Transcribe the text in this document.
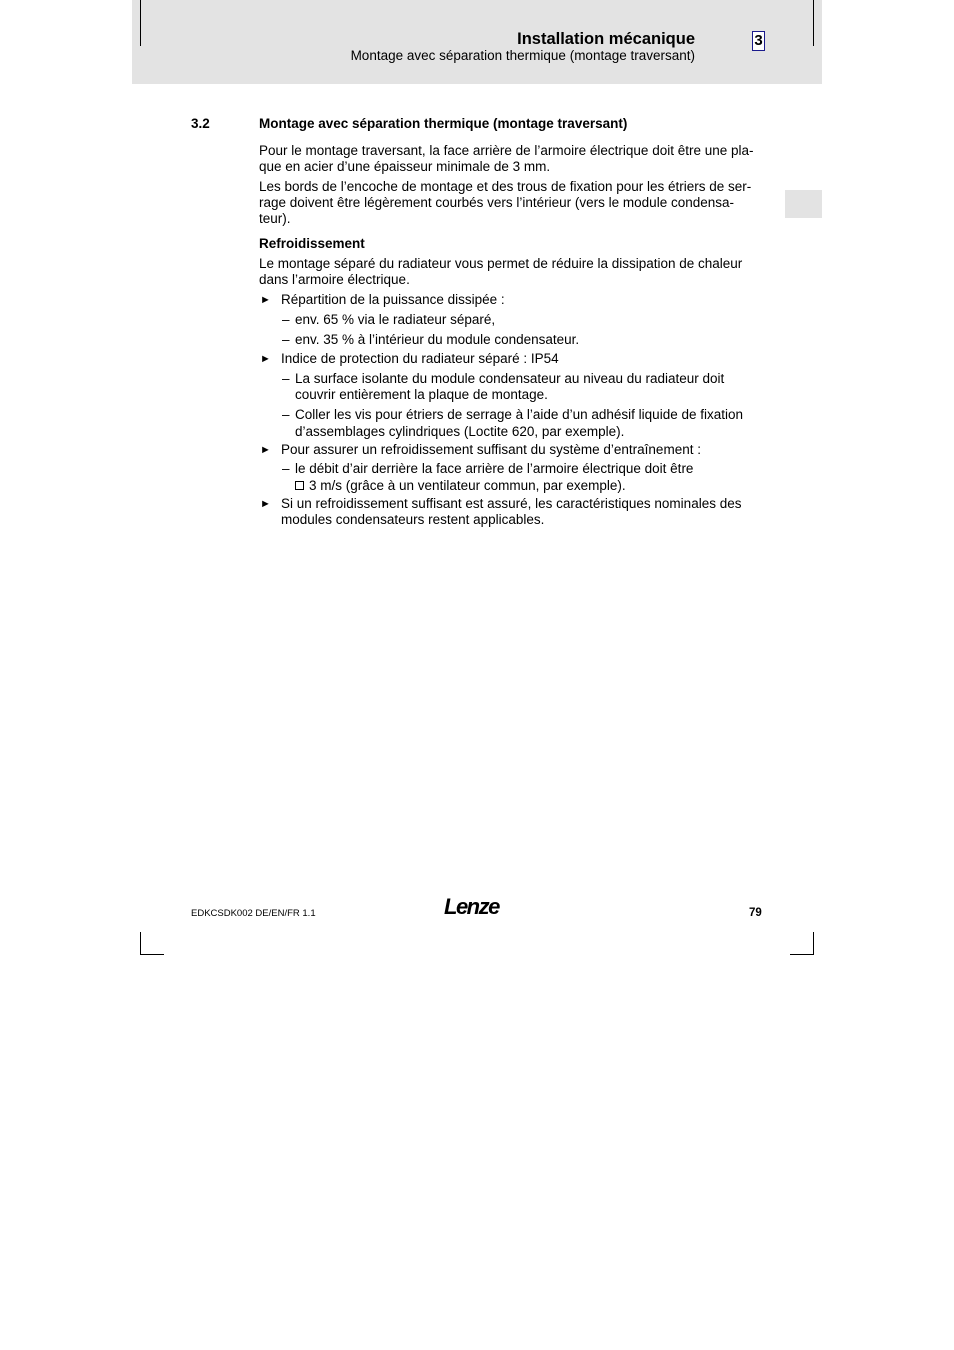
Installation mécanique
Montage avec séparation thermique (montage traversant)
3
3.2	Montage avec séparation thermique (montage traversant)
Pour le montage traversant, la face arrière de l’armoire électrique doit être une pla-
que en acier d’une épaisseur minimale de 3 mm.
Les bords de l’encoche de montage et des trous de fixation pour les étriers de ser-
rage doivent être légèrement courbés vers l’intérieur (vers le module condensa-
teur).
Refroidissement
Le montage séparé du radiateur vous permet de réduire la dissipation de chaleur
dans l’armoire électrique.
► Répartition de la puissance dissipée :
– env. 65 % via le radiateur séparé,
– env. 35 % à l’intérieur du module condensateur.
► Indice de protection du radiateur séparé : IP54
– La surface isolante du module condensateur au niveau du radiateur doit
couvrir entièrement la plaque de montage.
– Coller les vis pour étriers de serrage à l’aide d’un adhésif liquide de fixation
d’assemblages cylindriques (Loctite 620, par exemple).
► Pour assurer un refroidissement suffisant du système d’entraînement :
– le débit d’air derrière la face arrière de l’armoire électrique doit être
3 m/s (grâce à un ventilateur commun, par exemple).
► Si un refroidissement suffisant est assuré, les caractéristiques nominales des
modules condensateurs restent applicables.
EDKCSDK002 DE/EN/FR 1.1	Lenze	79
